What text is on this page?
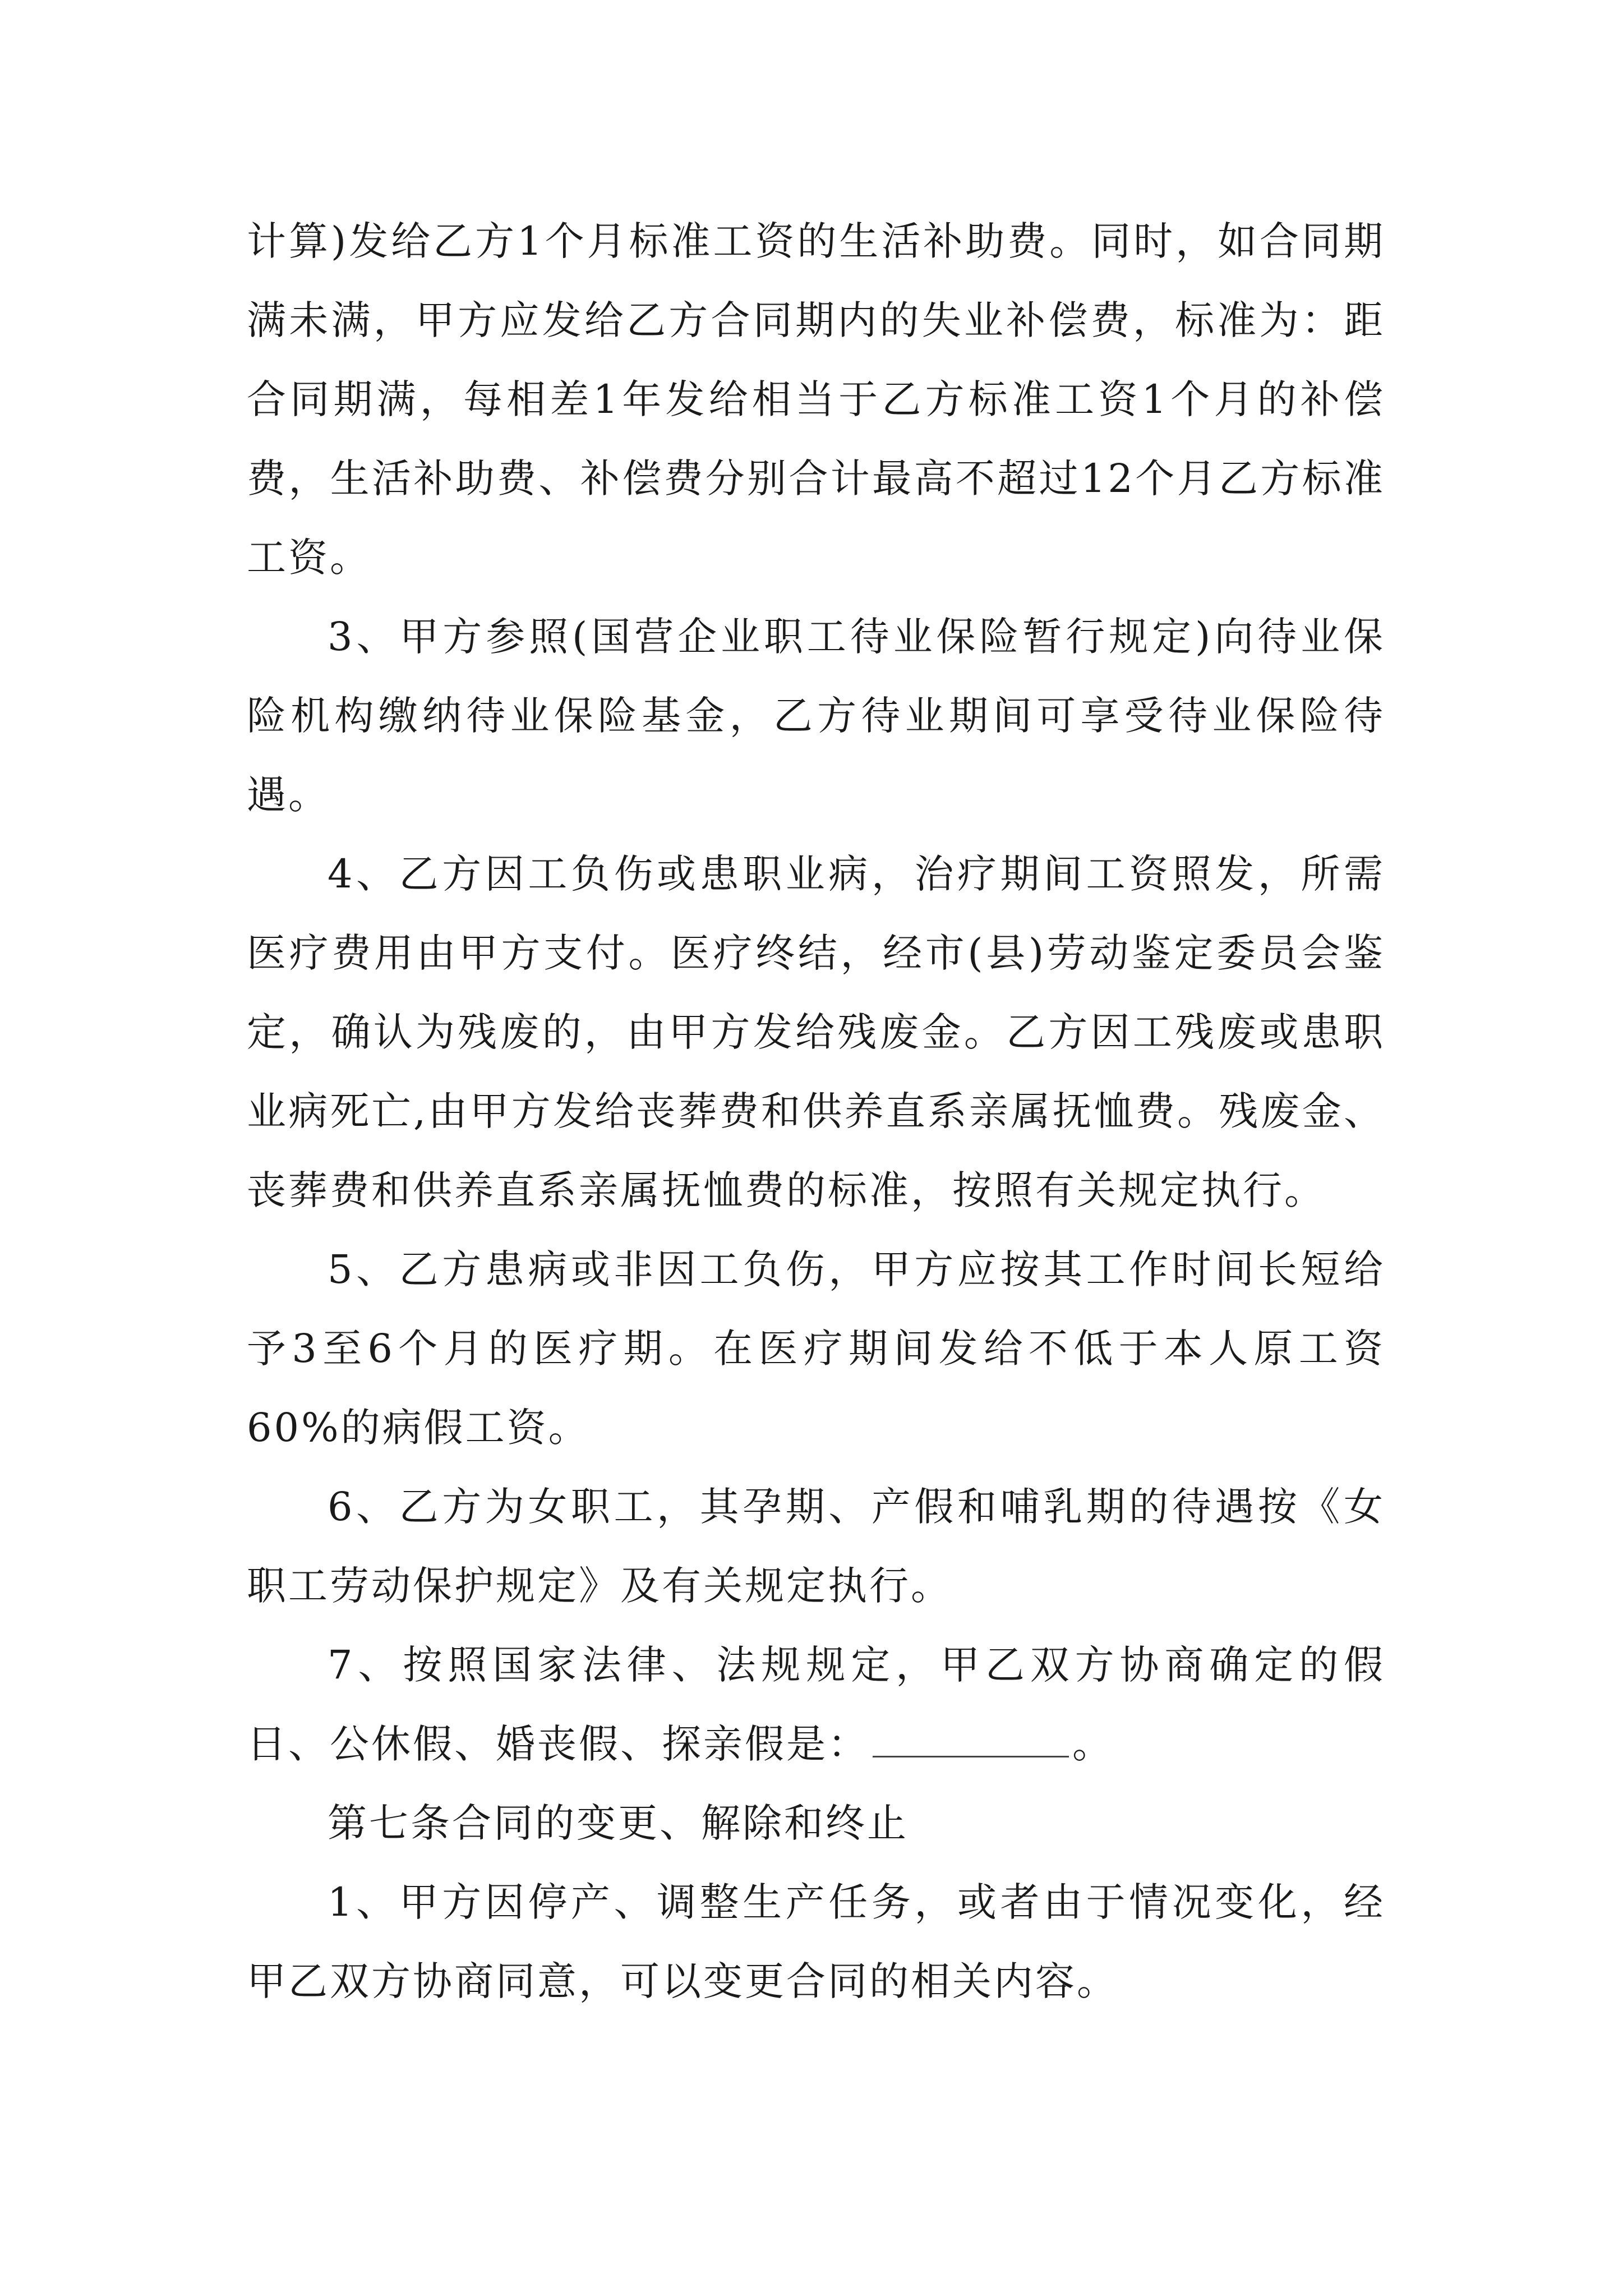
计算)发给乙方1个月标准工资的生活补助费。同时，如合同期满未满，甲方应发给乙方合同期内的失业补偿费，标准为：距合同期满，每相差1年发给相当于乙方标准工资1个月的补偿费，生活补助费、补偿费分别合计最高不超过12个月乙方标准工资。

3、甲方参照(国营企业职工待业保险暂行规定)向待业保险机构缴纳待业保险基金，乙方待业期间可享受待业保险待遇。

4、乙方因工负伤或患职业病，治疗期间工资照发，所需医疗费用由甲方支付。医疗终结，经市(县)劳动鉴定委员会鉴定，确认为残废的，由甲方发给残废金。乙方因工残废或患职业病死亡,由甲方发给丧葬费和供养直系亲属抚恤费。残废金、丧葬费和供养直系亲属抚恤费的标准，按照有关规定执行。

5、乙方患病或非因工负伤，甲方应按其工作时间长短给予3至6个月的医疗期。在医疗期间发给不低于本人原工资60%的病假工资。

6、乙方为女职工，其孕期、产假和哺乳期的待遇按《女职工劳动保护规定》及有关规定执行。

7、按照国家法律、法规规定，甲乙双方协商确定的假日、公休假、婚丧假、探亲假是：	。

第七条合同的变更、解除和终止

1、甲方因停产、调整生产任务，或者由于情况变化，经甲乙双方协商同意，可以变更合同的相关内容。
